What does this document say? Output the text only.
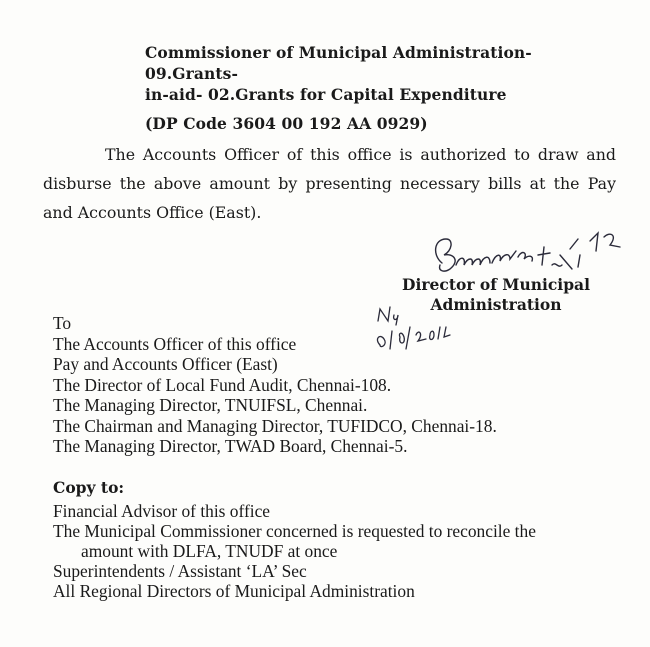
Commissioner of Municipal Administration- 09.Grants-
in-aid- 02.Grants for Capital Expenditure
(DP Code 3604 00 192 AA 0929)
The Accounts Officer of this office is authorized to draw and disburse the above amount by presenting necessary bills at the Pay and Accounts Office (East).
Director of Municipal
Administration
To
The Accounts Officer of this office
Pay and Accounts Officer (East)
The Director of Local Fund Audit, Chennai-108.
The Managing Director, TNUIFSL, Chennai.
The Chairman and Managing Director, TUFIDCO, Chennai-18.
The Managing Director, TWAD Board, Chennai-5.
Copy to:
Financial Advisor of this office
The Municipal Commissioner concerned is requested to reconcile the
amount with DLFA, TNUDF at once
Superintendents / Assistant ‘LA’ Sec
All Regional Directors of Municipal Administration
